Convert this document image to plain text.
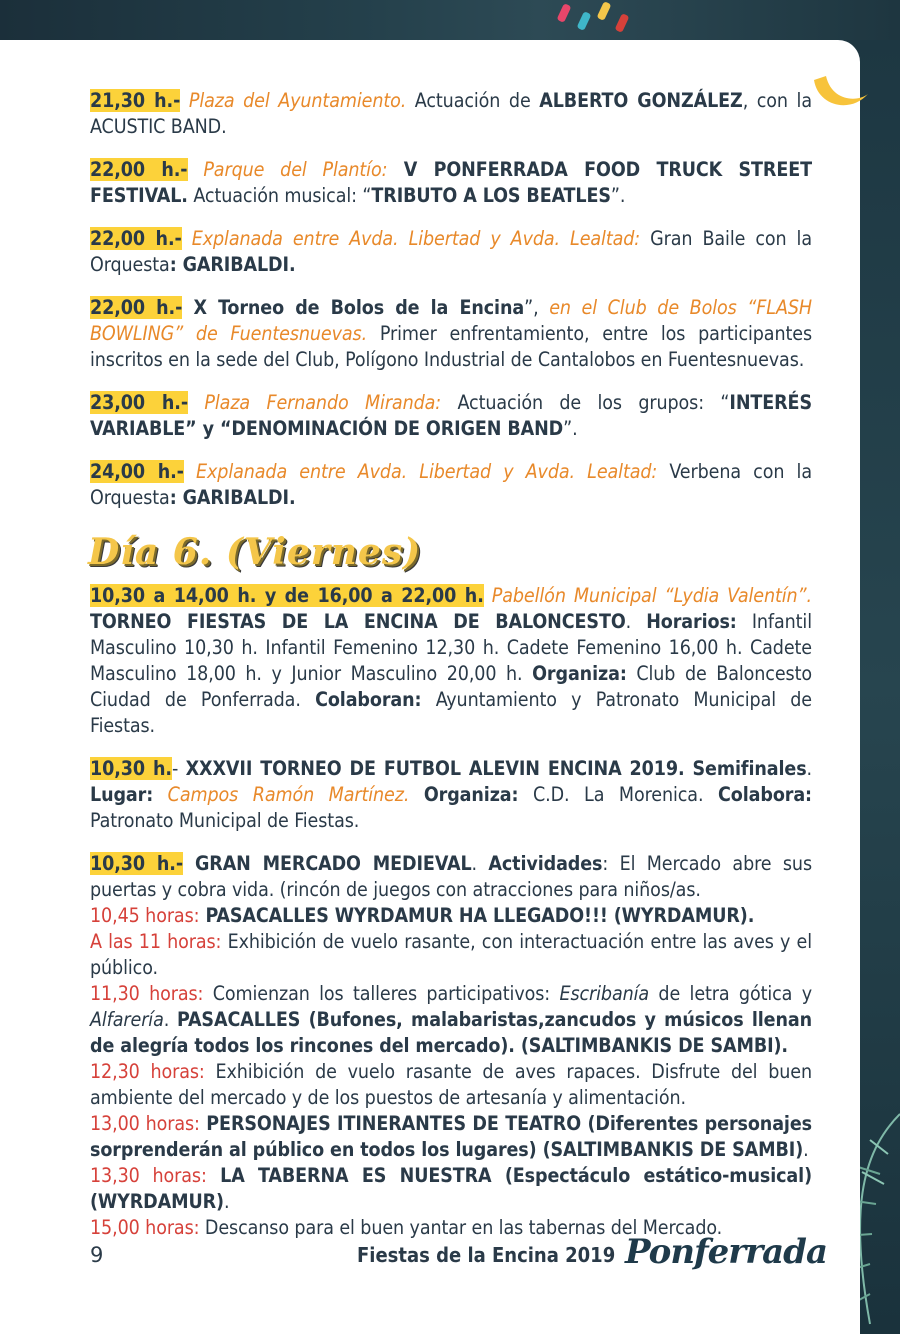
21,30 h.- Plaza del Ayuntamiento. Actuación de ALBERTO GONZÁLEZ, con la ACUSTIC BAND.

22,00 h.- Parque del Plantío: V PONFERRADA FOOD TRUCK STREET FESTIVAL. Actuación musical: “TRIBUTO A LOS BEATLES”.

22,00 h.- Explanada entre Avda. Libertad y Avda. Lealtad: Gran Baile con la Orquesta: GARIBALDI.

22,00 h.- X Torneo de Bolos de la Encina”, en el Club de Bolos “FLASH BOWLING” de Fuentesnuevas. Primer enfrentamiento, entre los participantes inscritos en la sede del Club, Polígono Industrial de Cantalobos en Fuentesnuevas.

23,00 h.- Plaza Fernando Miranda: Actuación de los grupos: “INTERÉS VARIABLE” y “DENOMINACIÓN DE ORIGEN BAND”.

24,00 h.- Explanada entre Avda. Libertad y Avda. Lealtad: Verbena con la Orquesta: GARIBALDI.

Día 6. (Viernes)

10,30 a 14,00 h. y de 16,00 a 22,00 h. Pabellón Municipal “Lydia Valentín”. TORNEO FIESTAS DE LA ENCINA DE BALONCESTO. Horarios: Infantil Masculino 10,30 h. Infantil Femenino 12,30 h. Cadete Femenino 16,00 h. Cadete Masculino 18,00 h. y Junior Masculino 20,00 h. Organiza: Club de Baloncesto Ciudad de Ponferrada. Colaboran: Ayuntamiento y Patronato Municipal de Fiestas.

10,30 h.- XXXVII TORNEO DE FUTBOL ALEVIN ENCINA 2019. Semifinales. Lugar: Campos Ramón Martínez. Organiza: C.D. La Morenica. Colabora: Patronato Municipal de Fiestas.

10,30 h.- GRAN MERCADO MEDIEVAL. Actividades: El Mercado abre sus puertas y cobra vida. (rincón de juegos con atracciones para niños/as.

10,45 horas: PASACALLES WYRDAMUR HA LLEGADO!!! (WYRDAMUR).

A las 11 horas: Exhibición de vuelo rasante, con interactuación entre las aves y el público.

11,30 horas: Comienzan los talleres participativos: Escribanía de letra gótica y Alfarería. PASACALLES (Bufones, malabaristas,zancudos y músicos llenan de alegría todos los rincones del mercado). (SALTIMBANKIS DE SAMBI).

12,30 horas: Exhibición de vuelo rasante de aves rapaces. Disfrute del buen ambiente del mercado y de los puestos de artesanía y alimentación.

13,00 horas: PERSONAJES ITINERANTES DE TEATRO (Diferentes personajes sorprenderán al público en todos los lugares) (SALTIMBANKIS DE SAMBI).

13,30 horas: LA TABERNA ES NUESTRA (Espectáculo estático-musical) (WYRDAMUR).

15,00 horas: Descanso para el buen yantar en las tabernas del Mercado.

9	Fiestas de la Encina 2019 Ponferrada
